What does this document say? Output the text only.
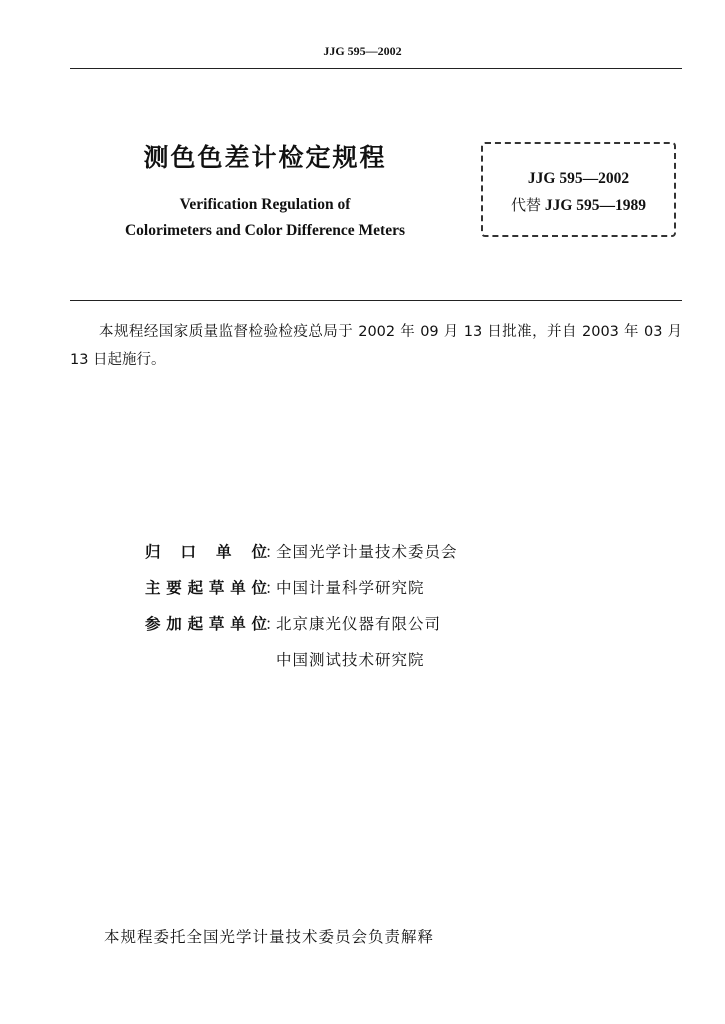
JJG 595—2002
测色色差计检定规程
Verification Regulation of
Colorimeters and Color Difference Meters
JJG 595—2002
代替 JJG 595—1989
本规程经国家质量监督检验检疫总局于 2002 年 09 月 13 日批准，并自 2003 年 03 月 13 日起施行。
归口单位
：
全国光学计量技术委员会
主要起草单位
：
中国计量科学研究院
参加起草单位
：
北京康光仪器有限公司
中国测试技术研究院
本规程委托全国光学计量技术委员会负责解释
